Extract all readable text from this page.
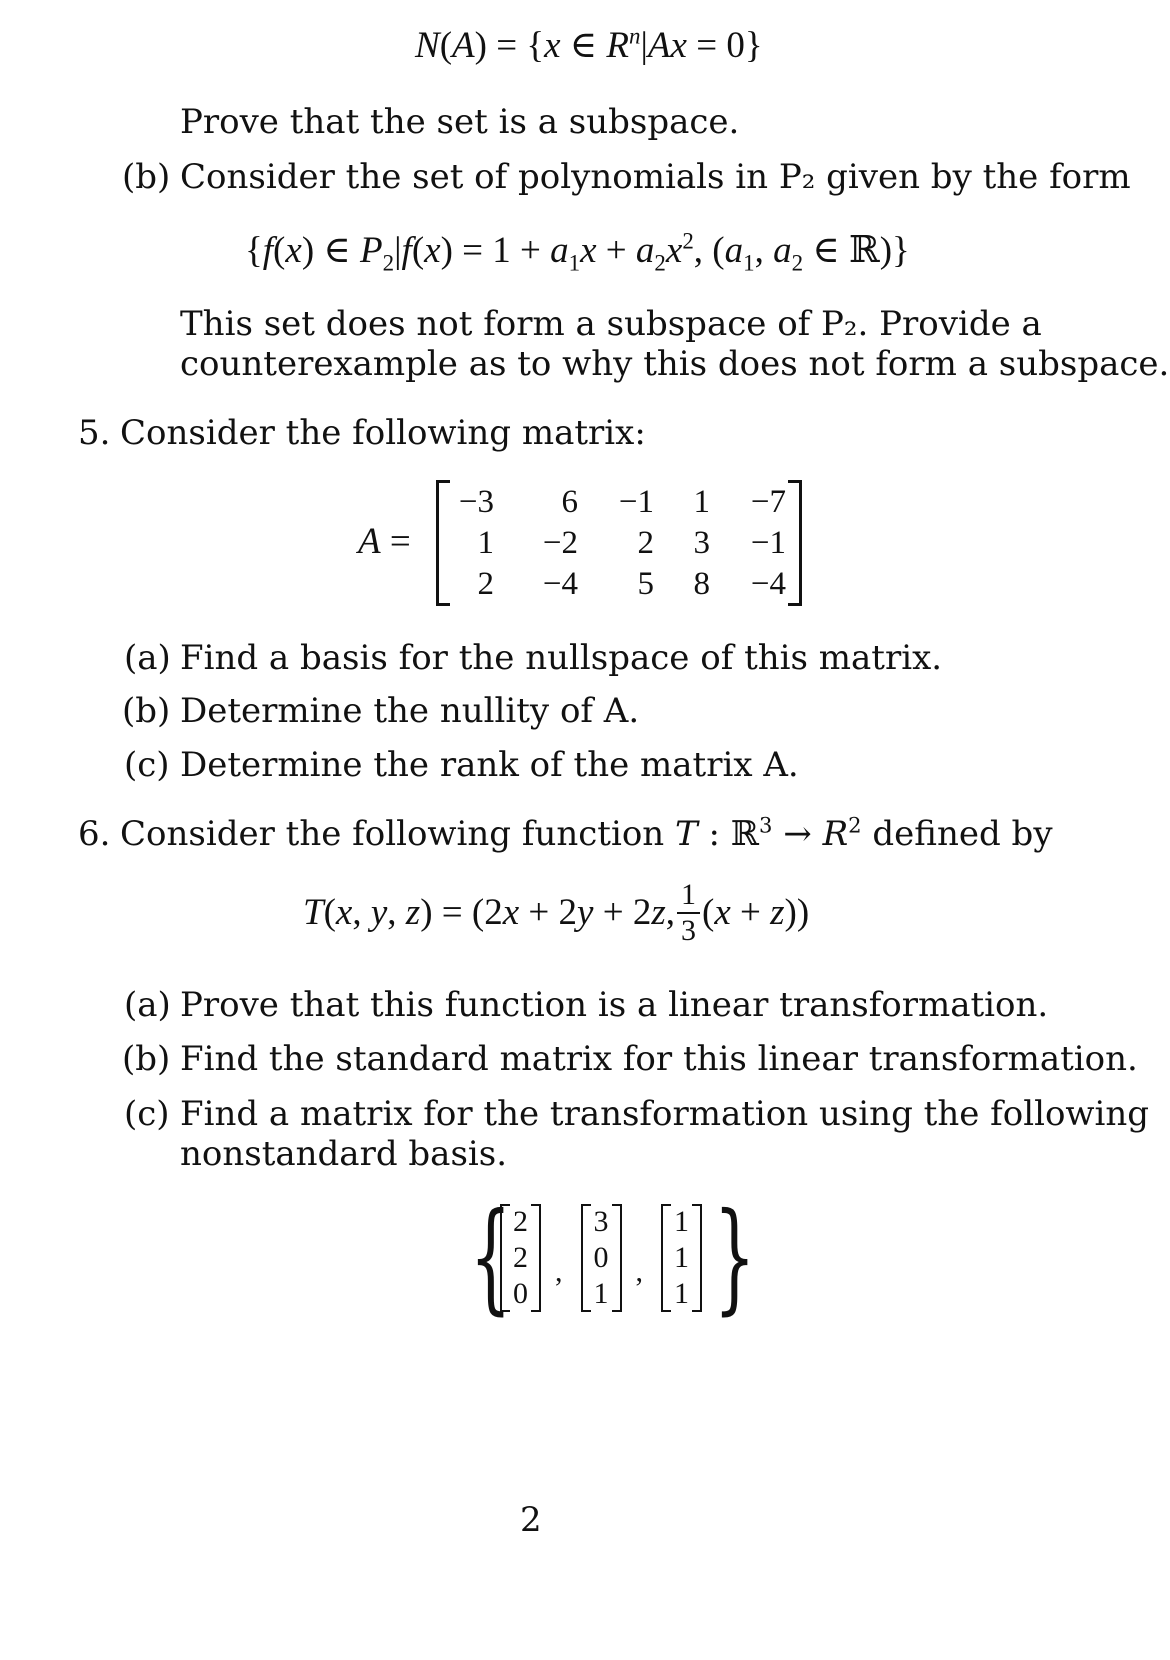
N(A) = {x ∈ $R^n|Ax = 0$}
Prove that the set is a subspace.
(b) Consider the set of polynomials in P₂ given by the form
{f(x) ∈ $P_2|f(x) = 1 + a_1x + a_2x^2$, ($a_1$, $a_2$ ∈ ℝ)}
This set does not form a subspace of P₂. Provide a
counterexample as to why this does not form a subspace.
5. Consider the following matrix:
A =
−3	6	−1	1	−7
1	−2	2	3	−1
2	−4	5	8	−4
(a) Find a basis for the nullspace of this matrix.
(b) Determine the nullity of A.
(c) Determine the rank of the matrix A.
6. Consider the following function T : ℝ$^3$ → $R^2$ defined by
T(x, y, z) = (2x + 2y + 2z, $\frac{1}{3} (x + z)$)
(a) Prove that this function is a linear transformation.
(b) Find the standard matrix for this linear transformation.
(c) Find a matrix for the transformation using the following
nonstandard basis.
{ 2
2
0
,
3
0
1
,
1
1
1 }
2
